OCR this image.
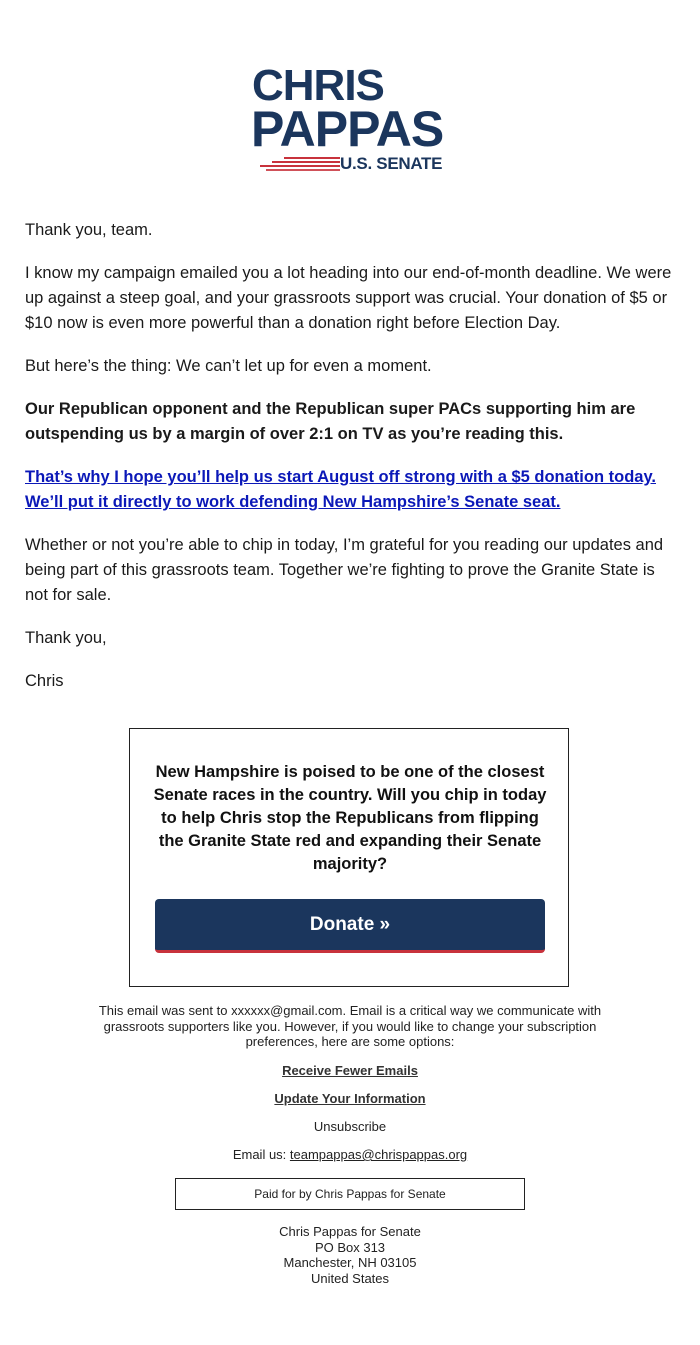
CHRIS
PAPPAS
U.S. SENATE

Thank you, team.

I know my campaign emailed you a lot heading into our end-of-month deadline. We were up against a steep goal, and your grassroots support was crucial. Your donation of $5 or $10 now is even more powerful than a donation right before Election Day.

But here’s the thing: We can’t let up for even a moment.

Our Republican opponent and the Republican super PACs supporting him are outspending us by a margin of over 2:1 on TV as you’re reading this.

That’s why I hope you’ll help us start August off strong with a $5 donation today. We’ll put it directly to work defending New Hampshire’s Senate seat.

Whether or not you’re able to chip in today, I’m grateful for you reading our updates and being part of this grassroots team. Together we’re fighting to prove the Granite State is not for sale.

Thank you,

Chris

New Hampshire is poised to be one of the closest Senate races in the country. Will you chip in today to help Chris stop the Republicans from flipping the Granite State red and expanding their Senate majority?

Donate »

This email was sent to xxxxxx@gmail.com. Email is a critical way we communicate with grassroots supporters like you. However, if you would like to change your subscription preferences, here are some options:

Receive Fewer Emails

Update Your Information

Unsubscribe

Email us: teampappas@chrispappas.org

Paid for by Chris Pappas for Senate
Chris Pappas for Senate
PO Box 313
Manchester, NH 03105
United States
